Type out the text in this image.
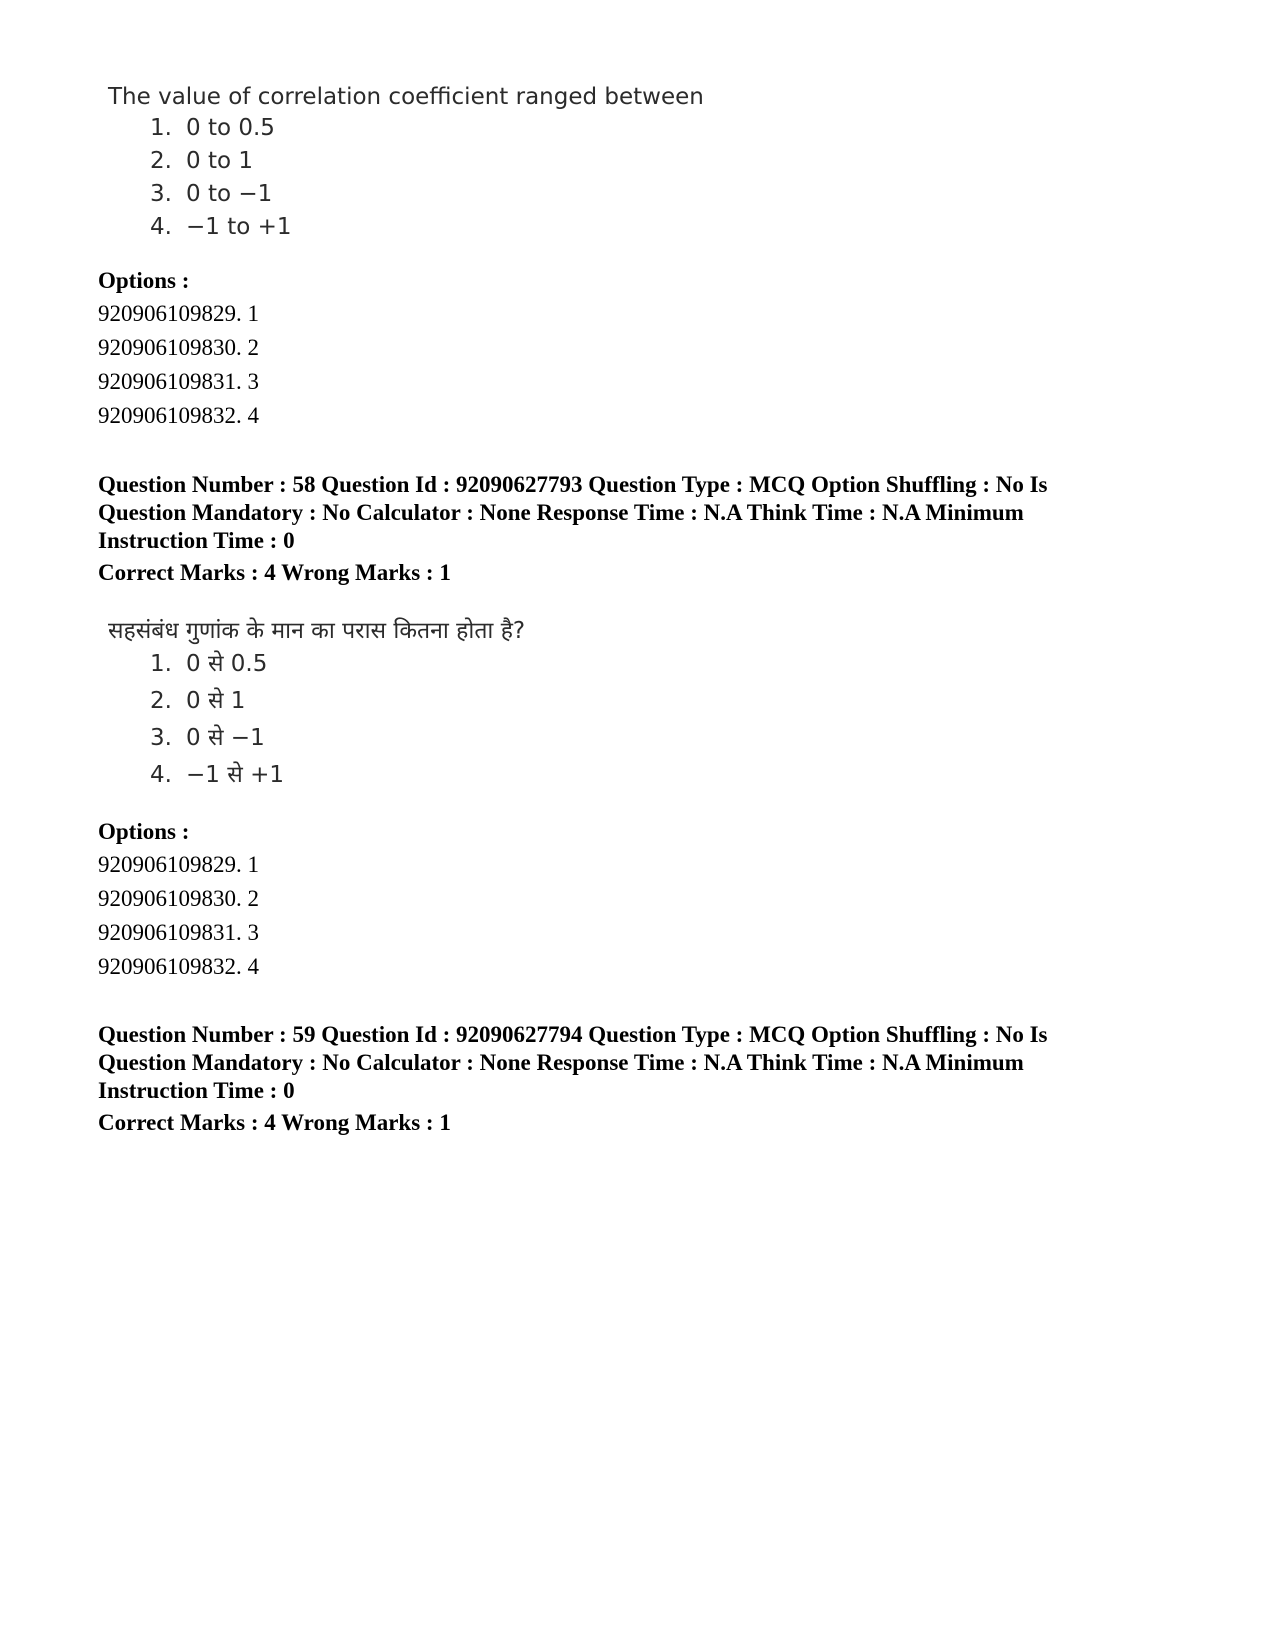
The value of correlation coefficient ranged between

1. 0 to 0.5
2. 0 to 1
3. 0 to −1
4. −1 to +1

Options :

920906109829. 1

920906109830. 2

920906109831. 3

920906109832. 4

Question Number : 58 Question Id : 92090627793 Question Type : MCQ Option Shuffling : No Is

Question Mandatory : No Calculator : None Response Time : N.A Think Time : N.A Minimum

Instruction Time : 0

Correct Marks : 4 Wrong Marks : 1

सहसंबंध गुणांक के मान का परास कितना होता है?

1. 0 से 0.5
2. 0 से 1
3. 0 से −1
4. −1 से +1

Options :

920906109829. 1

920906109830. 2

920906109831. 3

920906109832. 4

Question Number : 59 Question Id : 92090627794 Question Type : MCQ Option Shuffling : No Is

Question Mandatory : No Calculator : None Response Time : N.A Think Time : N.A Minimum

Instruction Time : 0

Correct Marks : 4 Wrong Marks : 1
